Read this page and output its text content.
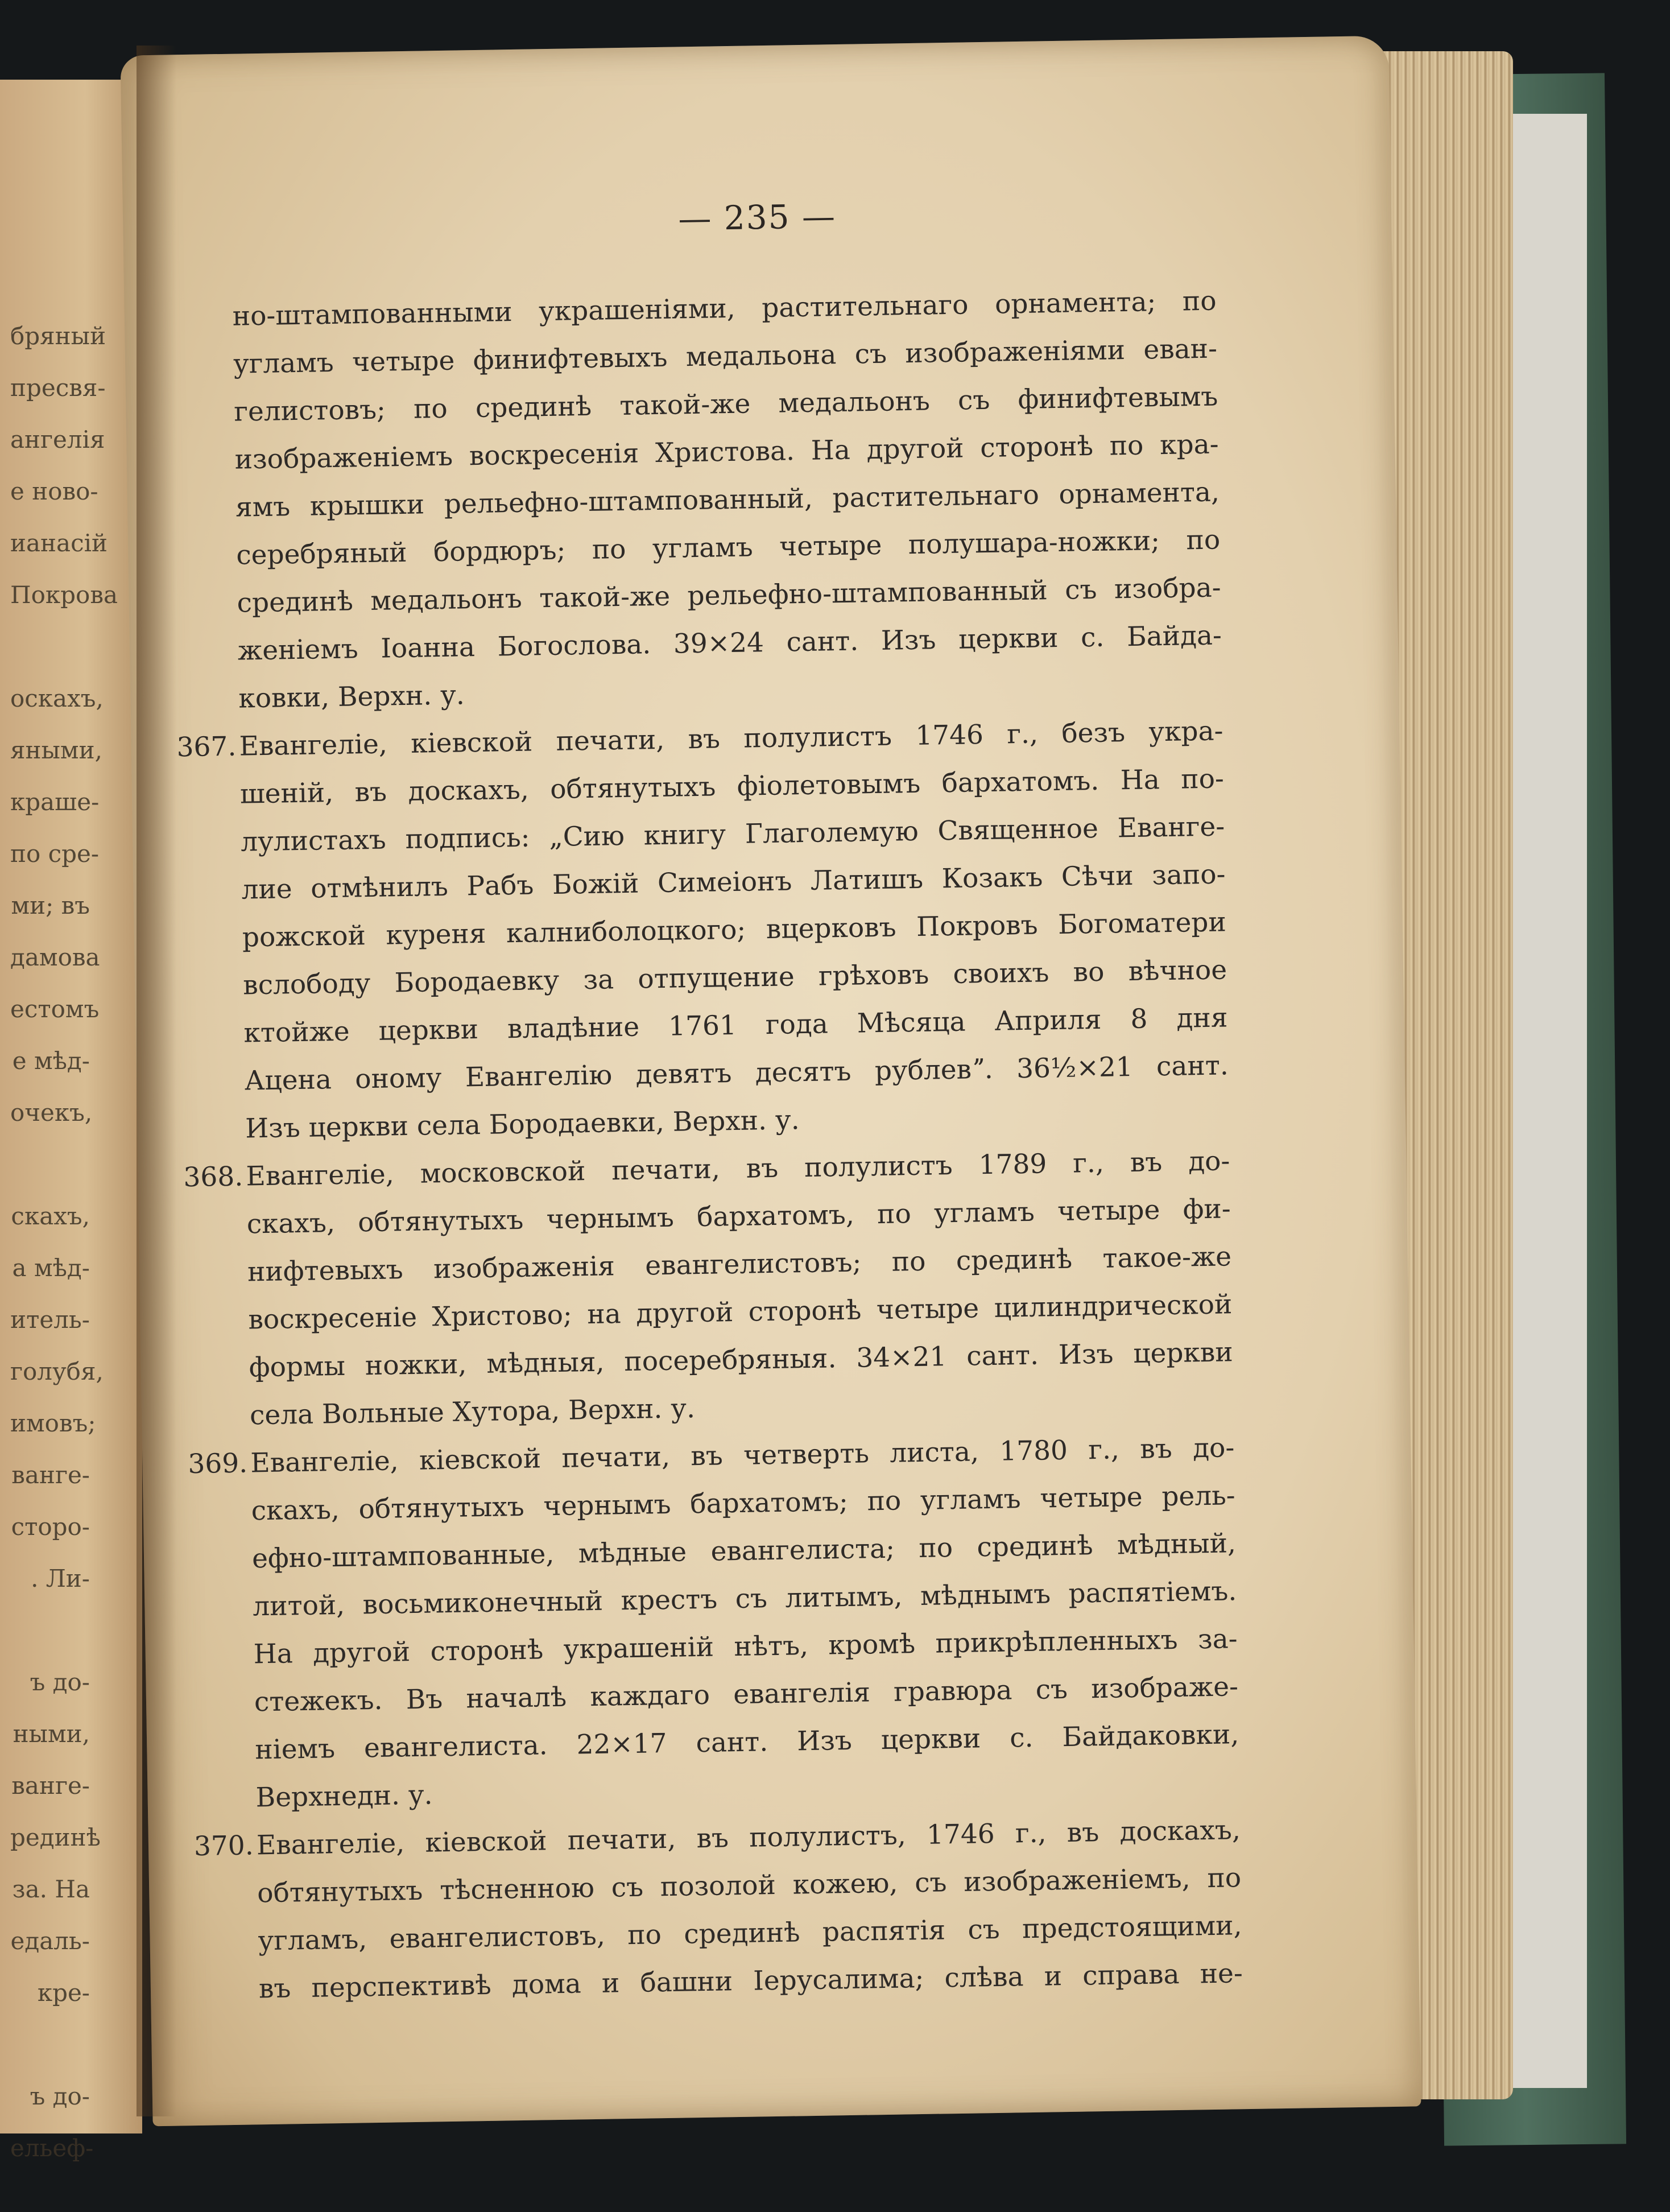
бряный
пресвя-
ангелія
е ново-
ианасій
Покрова
оскахъ,
яными,
краше-
по сре-
ми; въ
дамова
естомъ
е мѣд-
очекъ,
скахъ,
а мѣд-
итель-
голубя,
имовъ;
ванге-
сторо-
. Ли-
ъ до-
ными,
ванге-
рединѣ
за. На
едаль-
кре-
ъ до-
ельеф-
— 235 —
но-штампованными украшеніями, растительнаго орнамента; по
угламъ четыре финифтевыхъ медальона съ изображеніями еван-
гелистовъ; по срединѣ такой-же медальонъ съ финифтевымъ
изображеніемъ воскресенія Христова. На другой сторонѣ по кра-
ямъ крышки рельефно-штампованный, растительнаго орнамента,
серебряный бордюръ; по угламъ четыре полушара-ножки; по
срединѣ медальонъ такой-же рельефно-штампованный съ изобра-
женіемъ Іоанна Богослова. 39×24 сант. Изъ церкви с. Байда-
ковки, Верхн. у.
367. Евангеліе, кіевской печати, въ полулистъ 1746 г., безъ укра-
шеній, въ доскахъ, обтянутыхъ фіолетовымъ бархатомъ. На по-
лулистахъ подпись: „Сию книгу Глаголемую Священное Еванге-
лие отмѣнилъ Рабъ Божій Симеіонъ Латишъ Козакъ Сѣчи запо-
рожской куреня калниболоцкого; вцерковъ Покровъ Богоматери
вслободу Бородаевку за отпущение грѣховъ своихъ во вѣчное
ктойже церкви владѣние 1761 года Мѣсяца Априля 8 дня
Ацена оному Евангелію девятъ десятъ рублевˮ. 36½×21 сант.
Изъ церкви села Бородаевки, Верхн. у.
368. Евангеліе, московской печати, въ полулистъ 1789 г., въ до-
скахъ, обтянутыхъ чернымъ бархатомъ, по угламъ четыре фи-
нифтевыхъ изображенія евангелистовъ; по срединѣ такое-же
воскресеніе Христово; на другой сторонѣ четыре цилиндрической
формы ножки, мѣдныя, посеребряныя. 34×21 сант. Изъ церкви
села Вольные Хутора, Верхн. у.
369. Евангеліе, кіевской печати, въ четверть листа, 1780 г., въ до-
скахъ, обтянутыхъ чернымъ бархатомъ; по угламъ четыре рель-
ефно-штампованные, мѣдные евангелиста; по срединѣ мѣдный,
литой, восьмиконечный крестъ съ литымъ, мѣднымъ распятіемъ.
На другой сторонѣ украшеній нѣтъ, кромѣ прикрѣпленныхъ за-
стежекъ. Въ началѣ каждаго евангелія гравюра съ изображе-
ніемъ евангелиста. 22×17 сант. Изъ церкви с. Байдаковки,
Верхнедн. у.
370. Евангеліе, кіевской печати, въ полулистъ, 1746 г., въ доскахъ,
обтянутыхъ тѣсненною съ позолой кожею, съ изображеніемъ, по
угламъ, евангелистовъ, по срединѣ распятія съ предстоящими,
въ перспективѣ дома и башни Іерусалима; слѣва и справа не-
